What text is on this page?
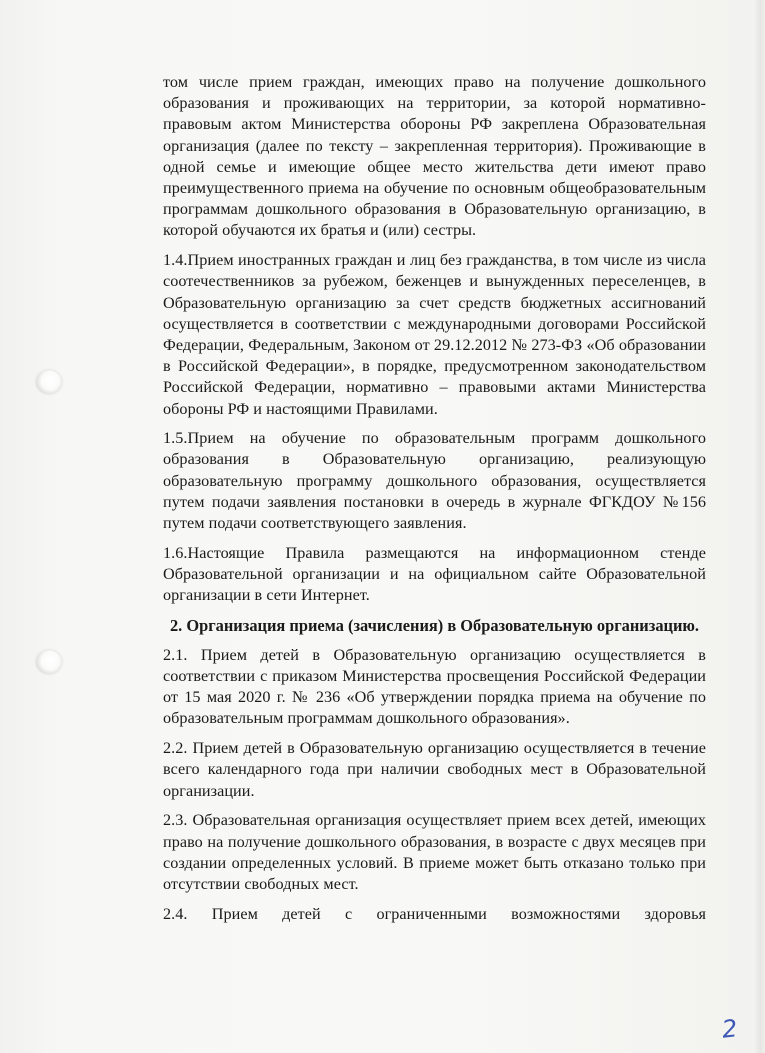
том числе прием граждан, имеющих право на получение дошкольного образования и проживающих на территории, за которой нормативно-правовым актом Министерства обороны РФ закреплена Образовательная организация (далее по тексту – закрепленная территория). Проживающие в одной семье и имеющие общее место жительства дети имеют право преимущественного приема на обучение по основным общеобразовательным программам дошкольного образования в Образовательную организацию, в которой обучаются их братья и (или) сестры.

1.4.Прием иностранных граждан и лиц без гражданства, в том числе из числа соотечественников за рубежом, беженцев и вынужденных переселенцев, в Образовательную организацию за счет средств бюджетных ассигнований осуществляется в соответствии с международными договорами Российской Федерации, Федеральным, Законом от 29.12.2012 № 273-ФЗ «Об образовании в Российской Федерации», в порядке, предусмотренном законодательством Российской Федерации, нормативно – правовыми актами Министерства обороны РФ и настоящими Правилами.

1.5.Прием на обучение по образовательным программ дошкольного образования в Образовательную организацию, реализующую образовательную программу дошкольного образования, осуществляется путем подачи заявления постановки в очередь в журнале ФГКДОУ №156 путем подачи соответствующего заявления.

1.6.Настоящие Правила размещаются на информационном стенде Образовательной организации и на официальном сайте Образовательной организации в сети Интернет.

2. Организация приема (зачисления) в Образовательную организацию.

2.1. Прием детей в Образовательную организацию осуществляется в соответствии с приказом Министерства просвещения Российской Федерации от 15 мая 2020 г. № 236 «Об утверждении порядка приема на обучение по образовательным программам дошкольного образования».

2.2. Прием детей в Образовательную организацию осуществляется в течение всего календарного года при наличии свободных мест в Образовательной организации.

2.3. Образовательная организация осуществляет прием всех детей, имеющих право на получение дошкольного образования, в возрасте с двух месяцев при создании определенных условий. В приеме может быть отказано только при отсутствии свободных мест.

2.4. Прием детей с ограниченными возможностями здоровья

2
